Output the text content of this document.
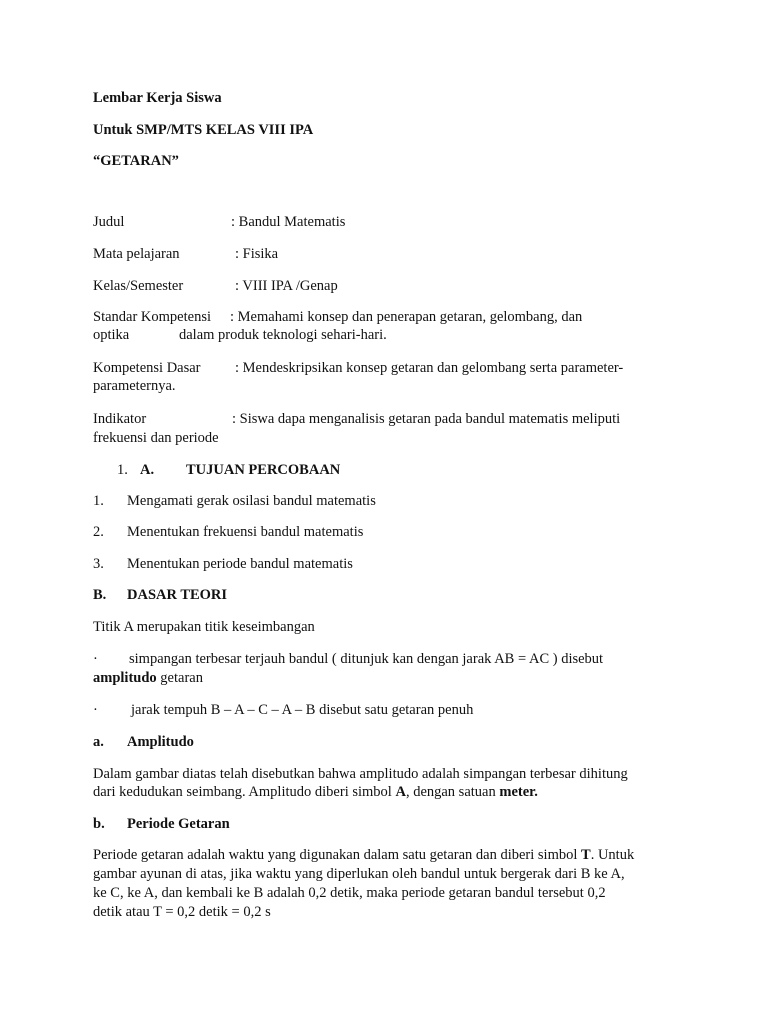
Lembar Kerja Siswa
Untuk SMP/MTS KELAS VIII IPA
“GETARAN”
Judul	: Bandul Matematis
Mata pelajaran	: Fisika
Kelas/Semester	: VIII IPA /Genap
Standar Kompetensi : Memahami konsep dan penerapan getaran, gelombang, dan
optika	dalam produk teknologi sehari-hari.
Kompetensi Dasar : Mendeskripsikan konsep getaran dan gelombang serta parameter-
parameternya.
Indikator	: Siswa dapa menganalisis getaran pada bandul matematis meliputi
frekuensi dan periode
1. A. TUJUAN PERCOBAAN
1. Mengamati gerak osilasi bandul matematis
2. Menentukan frekuensi bandul matematis
3. Menentukan periode bandul matematis
B. DASAR TEORI
Titik A merupakan titik keseimbangan
· simpangan terbesar terjauh bandul ( ditunjuk kan dengan jarak AB = AC ) disebut
amplitudo getaran
· jarak tempuh B – A – C – A – B disebut satu getaran penuh
a. Amplitudo
Dalam gambar diatas telah disebutkan bahwa amplitudo adalah simpangan terbesar dihitung
dari kedudukan seimbang. Amplitudo diberi simbol A, dengan satuan meter.
b. Periode Getaran
Periode getaran adalah waktu yang digunakan dalam satu getaran dan diberi simbol T. Untuk
gambar ayunan di atas, jika waktu yang diperlukan oleh bandul untuk bergerak dari B ke A,
ke C, ke A, dan kembali ke B adalah 0,2 detik, maka periode getaran bandul tersebut 0,2
detik atau T = 0,2 detik = 0,2 s
